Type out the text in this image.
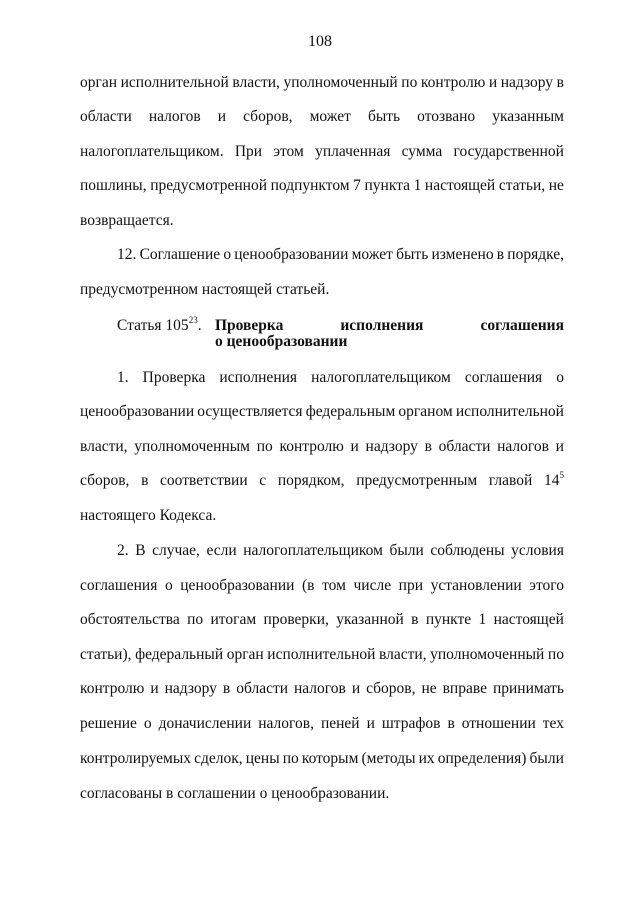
108
орган исполнительной власти, уполномоченный по контролю и надзору в
области налогов и сборов, может быть отозвано указанным
налогоплательщиком. При этом уплаченная сумма государственной
пошлины, предусмотренной подпунктом 7 пункта 1 настоящей статьи, не
возвращается.
12. Соглашение о ценообразовании может быть изменено в порядке,
предусмотренном настоящей статьей.
Статья $105^{23}$. Проверка	исполнения	соглашения
о ценообразовании
1. Проверка исполнения налогоплательщиком соглашения о
ценообразовании осуществляется федеральным органом исполнительной
власти, уполномоченным по контролю и надзору в области налогов и
сборов, в соответствии с порядком, предусмотренным главой $14^5$
настоящего Кодекса.
2. В случае, если налогоплательщиком были соблюдены условия
соглашения о ценообразовании (в том числе при установлении этого
обстоятельства по итогам проверки, указанной в пункте 1 настоящей
статьи), федеральный орган исполнительной власти, уполномоченный по
контролю и надзору в области налогов и сборов, не вправе принимать
решение о доначислении налогов, пеней и штрафов в отношении тех
контролируемых сделок, цены по которым (методы их определения) были
согласованы в соглашении о ценообразовании.
